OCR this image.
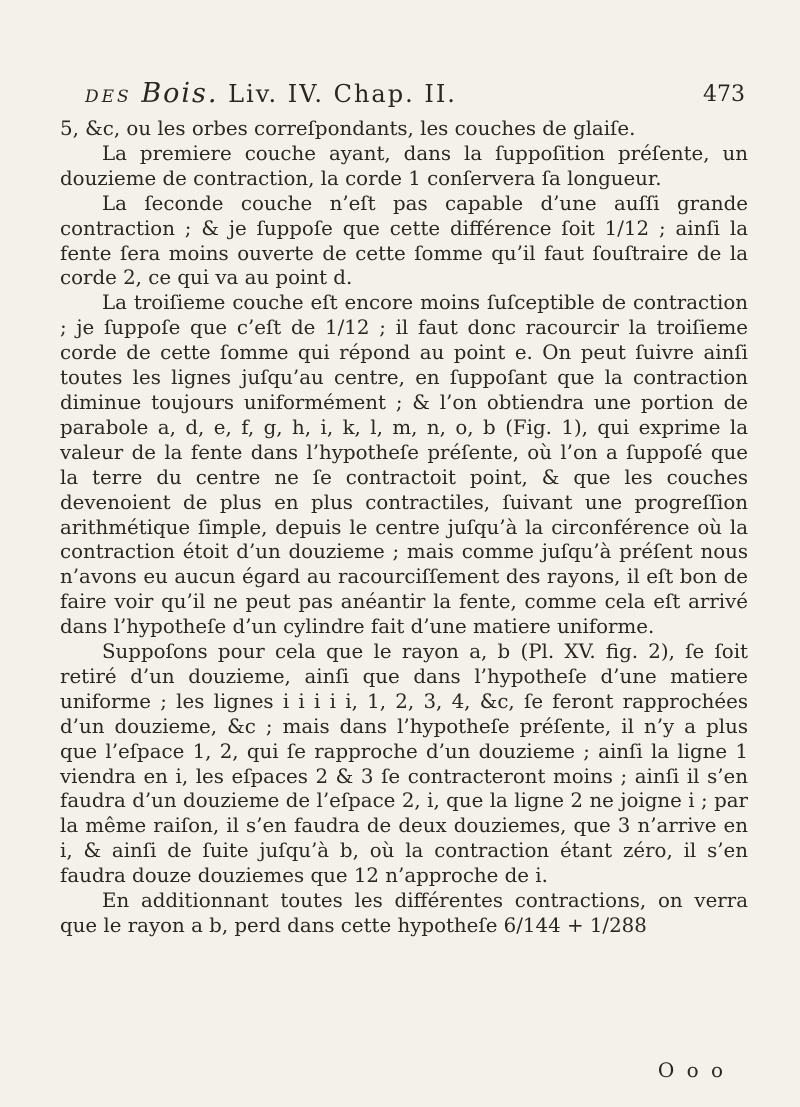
DES Bois. Liv. IV. Chap. II.	473

5, &c, ou les orbes correſpondants, les couches de glaiſe.

La premiere couche ayant, dans la ſuppoſition préſente, un douzieme de contraction, la corde 1 conſervera ſa longueur.

La ſeconde couche n’eſt pas capable d’une auſſi grande contraction ; & je ſuppoſe que cette différence ſoit 1/12 ; ainſi la fente ſera moins ouverte de cette ſomme qu’il faut ſouſtraire de la corde 2, ce qui va au point d.

La troiſieme couche eſt encore moins ſuſceptible de contraction ; je ſuppoſe que c’eſt de 1/12 ; il faut donc racourcir la troiſieme corde de cette ſomme qui répond au point e. On peut ſuivre ainſi toutes les lignes juſqu’au centre, en ſuppoſant que la contraction diminue toujours uniformément ; & l’on obtiendra une portion de parabole a, d, e, f, g, h, i, k, l, m, n, o, b (Fig. 1), qui exprime la valeur de la fente dans l’hypotheſe préſente, où l’on a ſuppoſé que la terre du centre ne ſe contractoit point, & que les couches devenoient de plus en plus contractiles, ſuivant une progreſſion arithmétique ſimple, depuis le centre juſqu’à la circonférence où la contraction étoit d’un douzieme ; mais comme juſqu’à préſent nous n’avons eu aucun égard au racourciſſement des rayons, il eſt bon de faire voir qu’il ne peut pas anéantir la fente, comme cela eſt arrivé dans l’hypotheſe d’un cylindre fait d’une matiere uniforme.

Suppoſons pour cela que le rayon a, b (Pl. XV. fig. 2), ſe ſoit retiré d’un douzieme, ainſi que dans l’hypotheſe d’une matiere uniforme ; les lignes i i i i i, 1, 2, 3, 4, &c, ſe feront rapprochées d’un douzieme, &c ; mais dans l’hypotheſe préſente, il n’y a plus que l’eſpace 1, 2, qui ſe rapproche d’un douzieme ; ainſi la ligne 1 viendra en i, les eſpaces 2 & 3 ſe contracteront moins ; ainſi il s’en faudra d’un douzieme de l’eſpace 2, i, que la ligne 2 ne joigne i ; par la même raiſon, il s’en faudra de deux douziemes, que 3 n’arrive en i, & ainſi de ſuite juſqu’à b, où la contraction étant zéro, il s’en faudra douze douziemes que 12 n’approche de i.

En additionnant toutes les différentes contractions, on verra que le rayon a b, perd dans cette hypotheſe 6/144 + 1/288

O o o
